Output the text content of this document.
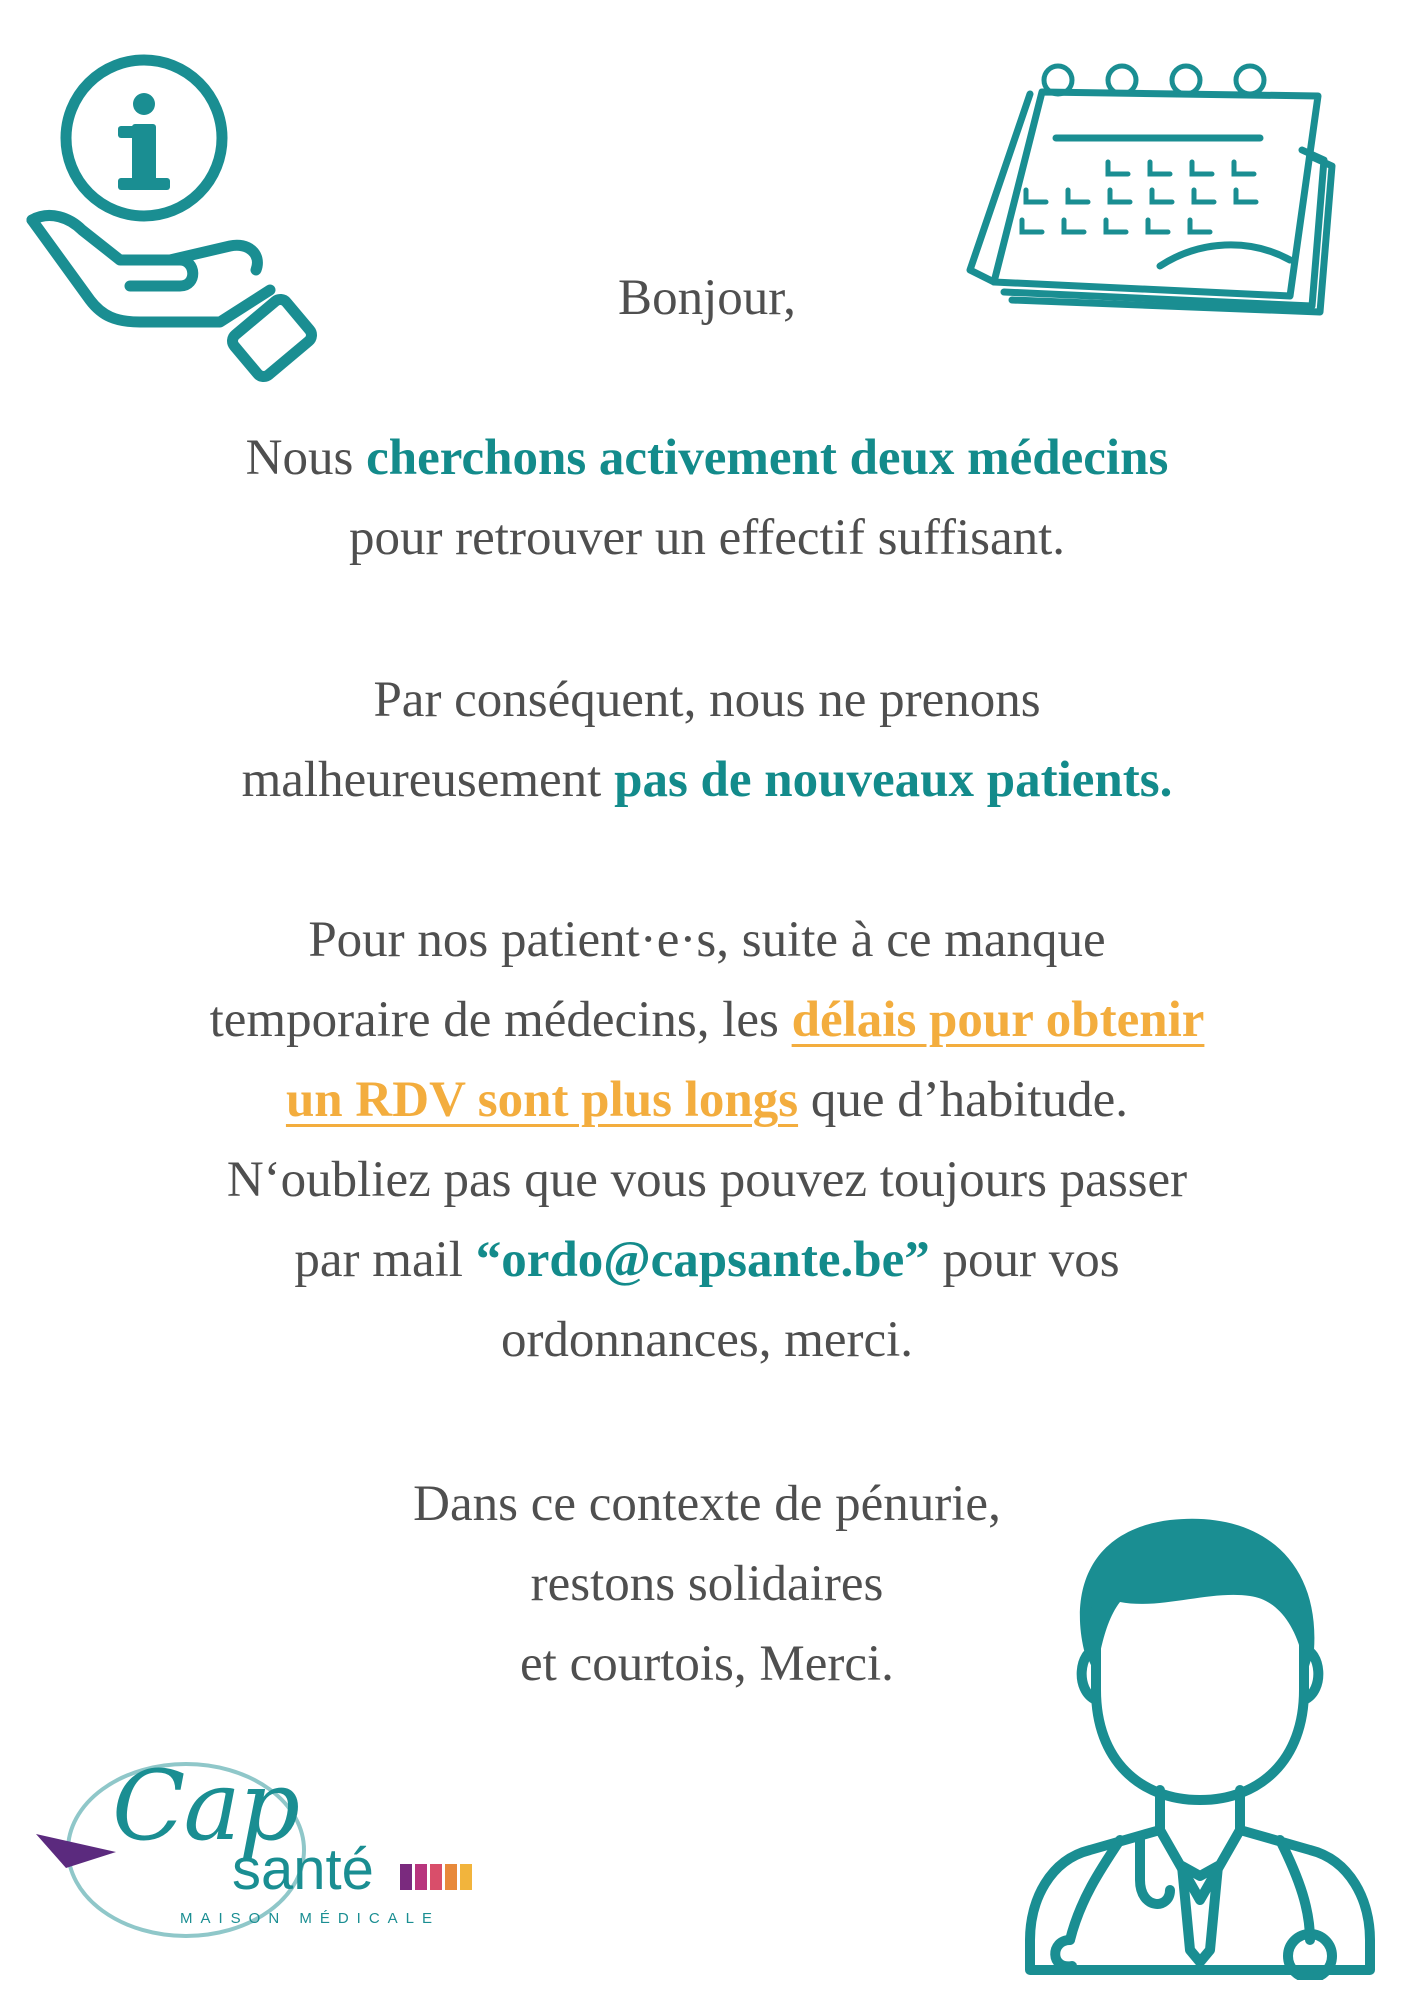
Bonjour,

Nous cherchons activement deux médecins

pour retrouver un effectif suffisant.

Par conséquent, nous ne prenons

malheureusement pas de nouveaux patients.

Pour nos patient·e·s, suite à ce manque

temporaire de médecins, les délais pour obtenir

un RDV sont plus longs que d’habitude.

N‘oubliez pas que vous pouvez toujours passer

par mail “ordo@capsante.be” pour vos

ordonnances, merci.

Dans ce contexte de pénurie,

restons solidaires

et courtois, Merci.

Cap
santé
MAISON MÉDICALE
